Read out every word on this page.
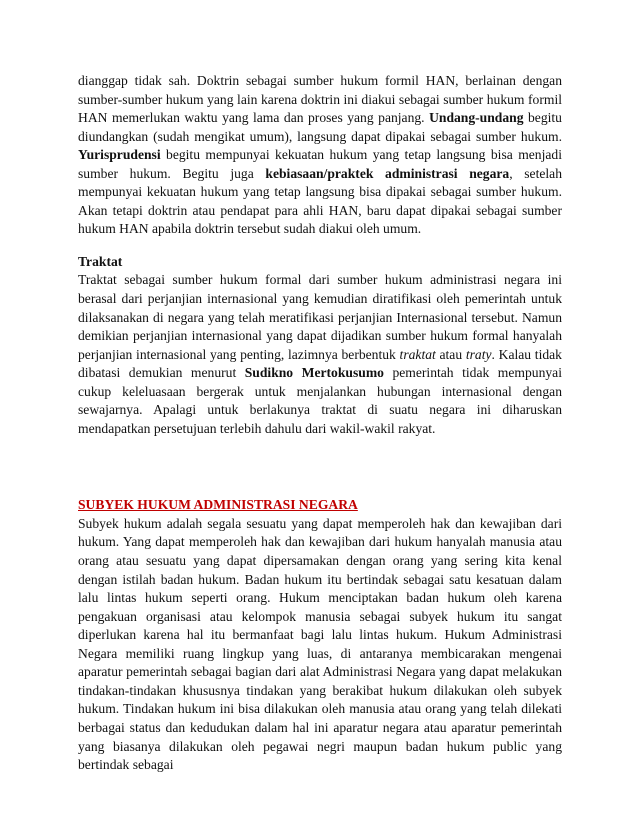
dianggap tidak sah. Doktrin sebagai sumber hukum formil HAN, berlainan dengan sumber-sumber hukum yang lain karena doktrin ini diakui sebagai sumber hukum formil HAN memerlukan waktu yang lama dan proses yang panjang. Undang-undang begitu diundangkan (sudah mengikat umum), langsung dapat dipakai sebagai sumber hukum. Yurisprudensi begitu mempunyai kekuatan hukum yang tetap langsung bisa menjadi sumber hukum. Begitu juga kebiasaan/praktek administrasi negara, setelah mempunyai kekuatan hukum yang tetap langsung bisa dipakai sebagai sumber hukum. Akan tetapi doktrin atau pendapat para ahli HAN, baru dapat dipakai sebagai sumber hukum HAN apabila doktrin tersebut sudah diakui oleh umum.

Traktat

Traktat sebagai sumber hukum formal dari sumber hukum administrasi negara ini berasal dari perjanjian internasional yang kemudian diratifikasi oleh pemerintah untuk dilaksanakan di negara yang telah meratifikasi perjanjian Internasional tersebut. Namun demikian perjanjian internasional yang dapat dijadikan sumber hukum formal hanyalah perjanjian internasional yang penting, lazimnya berbentuk traktat atau traty. Kalau tidak dibatasi demukian menurut Sudikno Mertokusumo pemerintah tidak mempunyai cukup keleluasaan bergerak untuk menjalankan hubungan internasional dengan sewajarnya. Apalagi untuk berlakunya traktat di suatu negara ini diharuskan mendapatkan persetujuan terlebih dahulu dari wakil-wakil rakyat.

SUBYEK HUKUM ADMINISTRASI NEGARA

Subyek hukum adalah segala sesuatu yang dapat memperoleh hak dan kewajiban dari hukum. Yang dapat memperoleh hak dan kewajiban dari hukum hanyalah manusia atau orang atau sesuatu yang dapat dipersamakan dengan orang yang sering kita kenal dengan istilah badan hukum. Badan hukum itu bertindak sebagai satu kesatuan dalam lalu lintas hukum seperti orang. Hukum menciptakan badan hukum oleh karena pengakuan organisasi atau kelompok manusia sebagai subyek hukum itu sangat diperlukan karena hal itu bermanfaat bagi lalu lintas hukum. Hukum Administrasi Negara memiliki ruang lingkup yang luas, di antaranya membicarakan mengenai aparatur pemerintah sebagai bagian dari alat Administrasi Negara yang dapat melakukan tindakan-tindakan khususnya tindakan yang berakibat hukum dilakukan oleh subyek hukum. Tindakan hukum ini bisa dilakukan oleh manusia atau orang yang telah dilekati berbagai status dan kedudukan dalam hal ini aparatur negara atau aparatur pemerintah yang biasanya dilakukan oleh pegawai negri maupun badan hukum public yang bertindak sebagai
